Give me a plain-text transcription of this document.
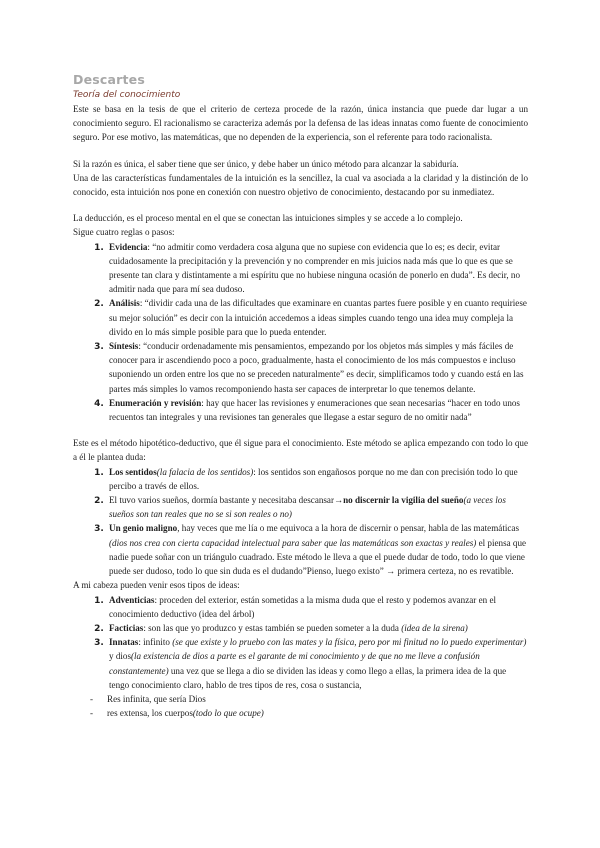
Descartes
Teoría del conocimiento

Este se basa en la tesis de que el criterio de certeza procede de la razón, única instancia que puede dar lugar a un conocimiento seguro. El racionalismo se caracteriza además por la defensa de las ideas innatas como fuente de conocimiento seguro. Por ese motivo, las matemáticas, que no dependen de la experiencia, son el referente para todo racionalista.

Si la razón es única, el saber tiene que ser único, y debe haber un único método para alcanzar la sabiduría.

Una de las características fundamentales de la intuición es la sencillez, la cual va asociada a la claridad y la distinción de lo conocido, esta intuición nos pone en conexión con nuestro objetivo de conocimiento, destacando por su inmediatez.

La deducción, es el proceso mental en el que se conectan las intuiciones simples y se accede a lo complejo.

Sigue cuatro reglas o pasos:

1. Evidencia: “no admitir como verdadera cosa alguna que no supiese con evidencia que lo es; es decir, evitar cuidadosamente la precipitación y la prevención y no comprender en mis juicios nada más que lo que es que se presente tan clara y distintamente a mi espíritu que no hubiese ninguna ocasión de ponerlo en duda”. Es decir, no admitir nada que para mí sea dudoso.
2. Análisis: “dividir cada una de las dificultades que examinare en cuantas partes fuere posible y en cuanto requiriese su mejor solución” es decir con la intuición accedemos a ideas simples cuando tengo una idea muy compleja la divido en lo más simple posible para que lo pueda entender.
3. Síntesis: “conducir ordenadamente mis pensamientos, empezando por los objetos más simples y más fáciles de conocer para ir ascendiendo poco a poco, gradualmente, hasta el conocimiento de los más compuestos e incluso suponiendo un orden entre los que no se preceden naturalmente” es decir, simplificamos todo y cuando está en las partes más simples lo vamos recomponiendo hasta ser capaces de interpretar lo que tenemos delante.
4. Enumeración y revisión: hay que hacer las revisiones y enumeraciones que sean necesarias “hacer en todo unos recuentos tan integrales y una revisiones tan generales que llegase a estar seguro de no omitir nada”

Este es el método hipotético-deductivo, que él sigue para el conocimiento. Este método se aplica empezando con todo lo que a él le plantea duda:

1. Los sentidos(la falacia de los sentidos): los sentidos son engañosos porque no me dan con precisión todo lo que percibo a través de ellos.
2. El tuvo varios sueños, dormía bastante y necesitaba descansar→no discernir la vigilia del sueño(a veces los sueños son tan reales que no se si son reales o no)
3. Un genio maligno, hay veces que me lía o me equivoca a la hora de discernir o pensar, habla de las matemáticas (dios nos crea con cierta capacidad intelectual para saber que las matemáticas son exactas y reales) el piensa que nadie puede soñar con un triángulo cuadrado. Este método le lleva a que el puede dudar de todo, todo lo que viene puede ser dudoso, todo lo que sin duda es el dudando”Pienso, luego existo” → primera certeza, no es revatible.

A mi cabeza pueden venir esos tipos de ideas:

1. Adventicias: proceden del exterior, están sometidas a la misma duda que el resto y podemos avanzar en el conocimiento deductivo (idea del árbol)
2. Facticias: son las que yo produzco y estas también se pueden someter a la duda (idea de la sirena)
3. Innatas: infinito (se que existe y lo pruebo con las mates y la física, pero por mi finitud no lo puedo experimentar) y dios(la existencia de dios a parte es el garante de mi conocimiento y de que no me lleve a confusión constantemente) una vez que se llega a dio se dividen las ideas y como llego a ellas, la primera idea de la que tengo conocimiento claro, hablo de tres tipos de res, cosa o sustancia,
- Res infinita, que sería Dios
- res extensa, los cuerpos(todo lo que ocupe)
